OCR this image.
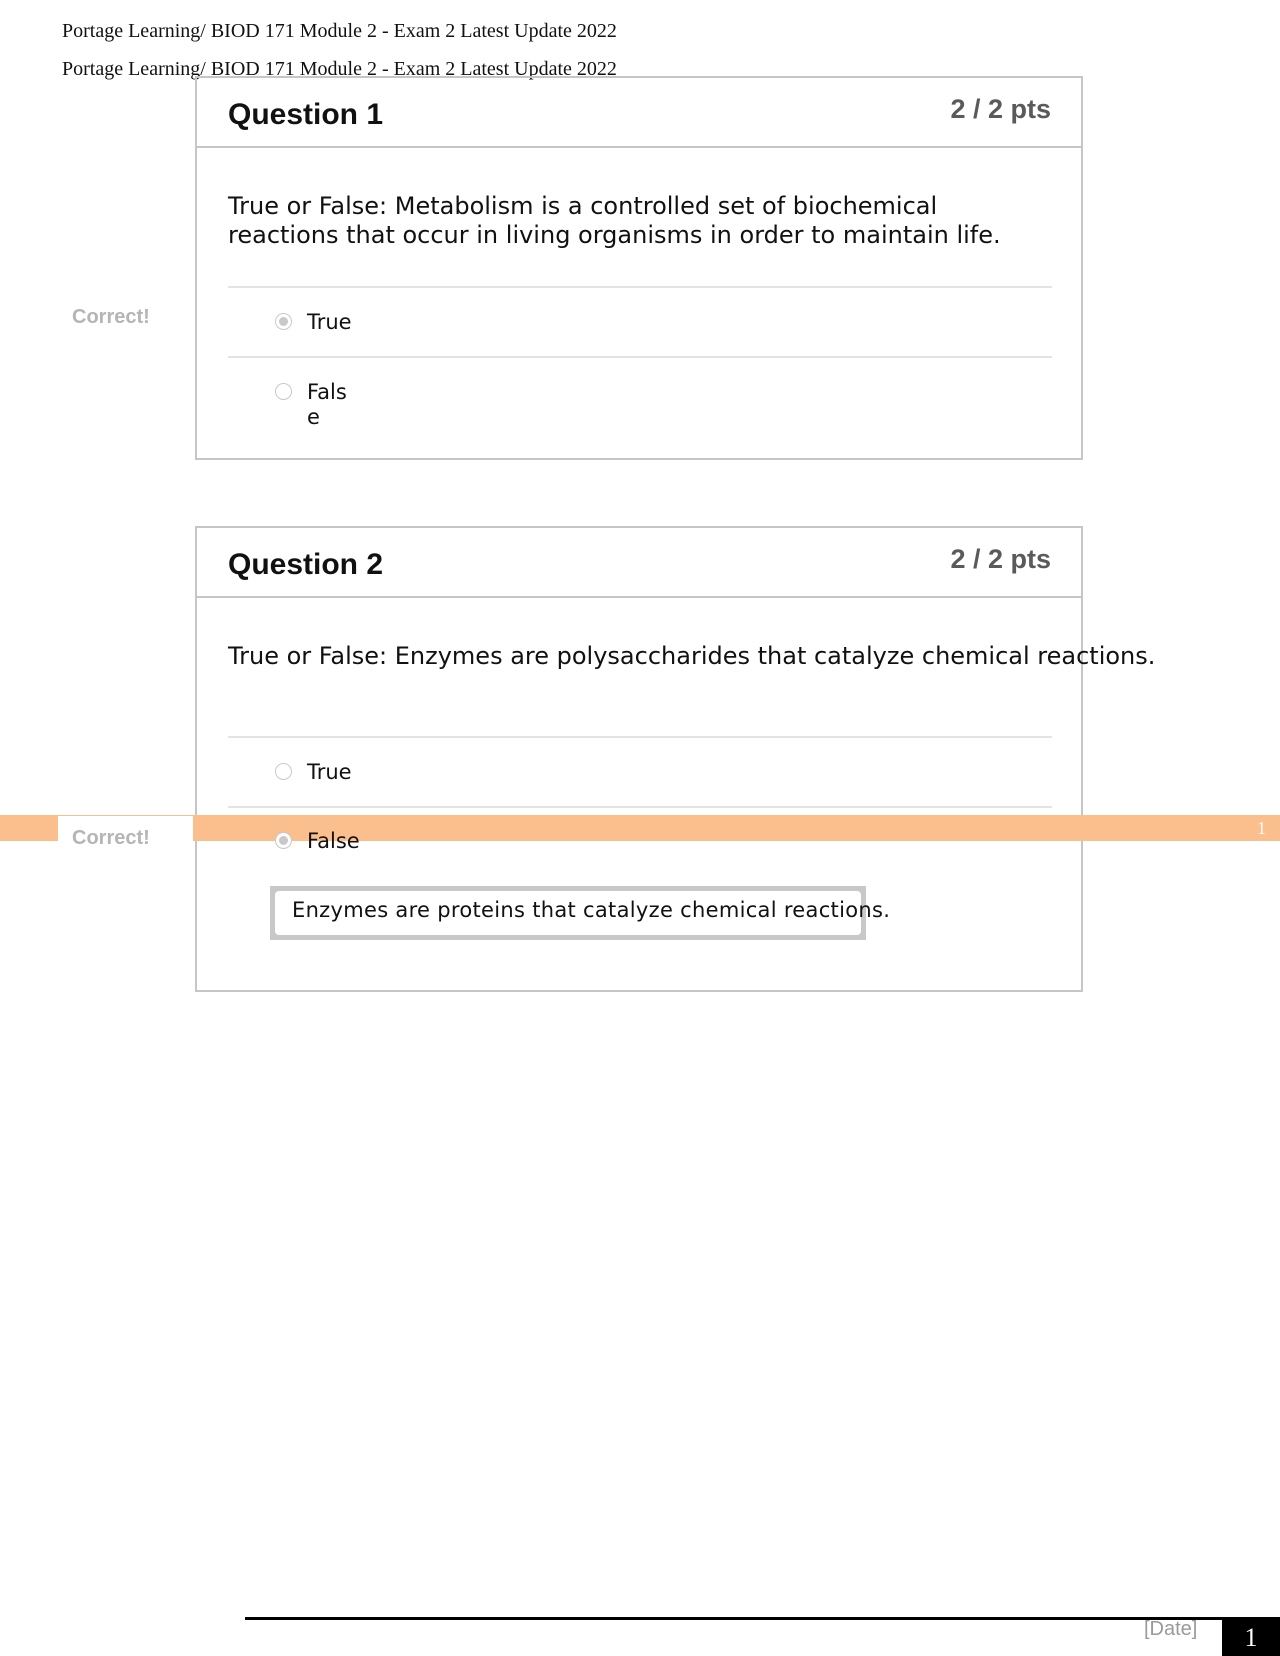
Portage Learning/ BIOD 171 Module 2 - Exam 2 Latest Update 2022
Portage Learning/ BIOD 171 Module 2 - Exam 2 Latest Update 2022
Question 1	2 / 2 pts
True or False: Metabolism is a controlled set of biochemical
reactions that occur in living organisms in order to maintain life.
True
False
Correct!
Question 2	2 / 2 pts
True or False: Enzymes are polysaccharides that catalyze chemical reactions.
True
1
False
Correct!
Enzymes are proteins that catalyze chemical reactions.
[Date]	1
